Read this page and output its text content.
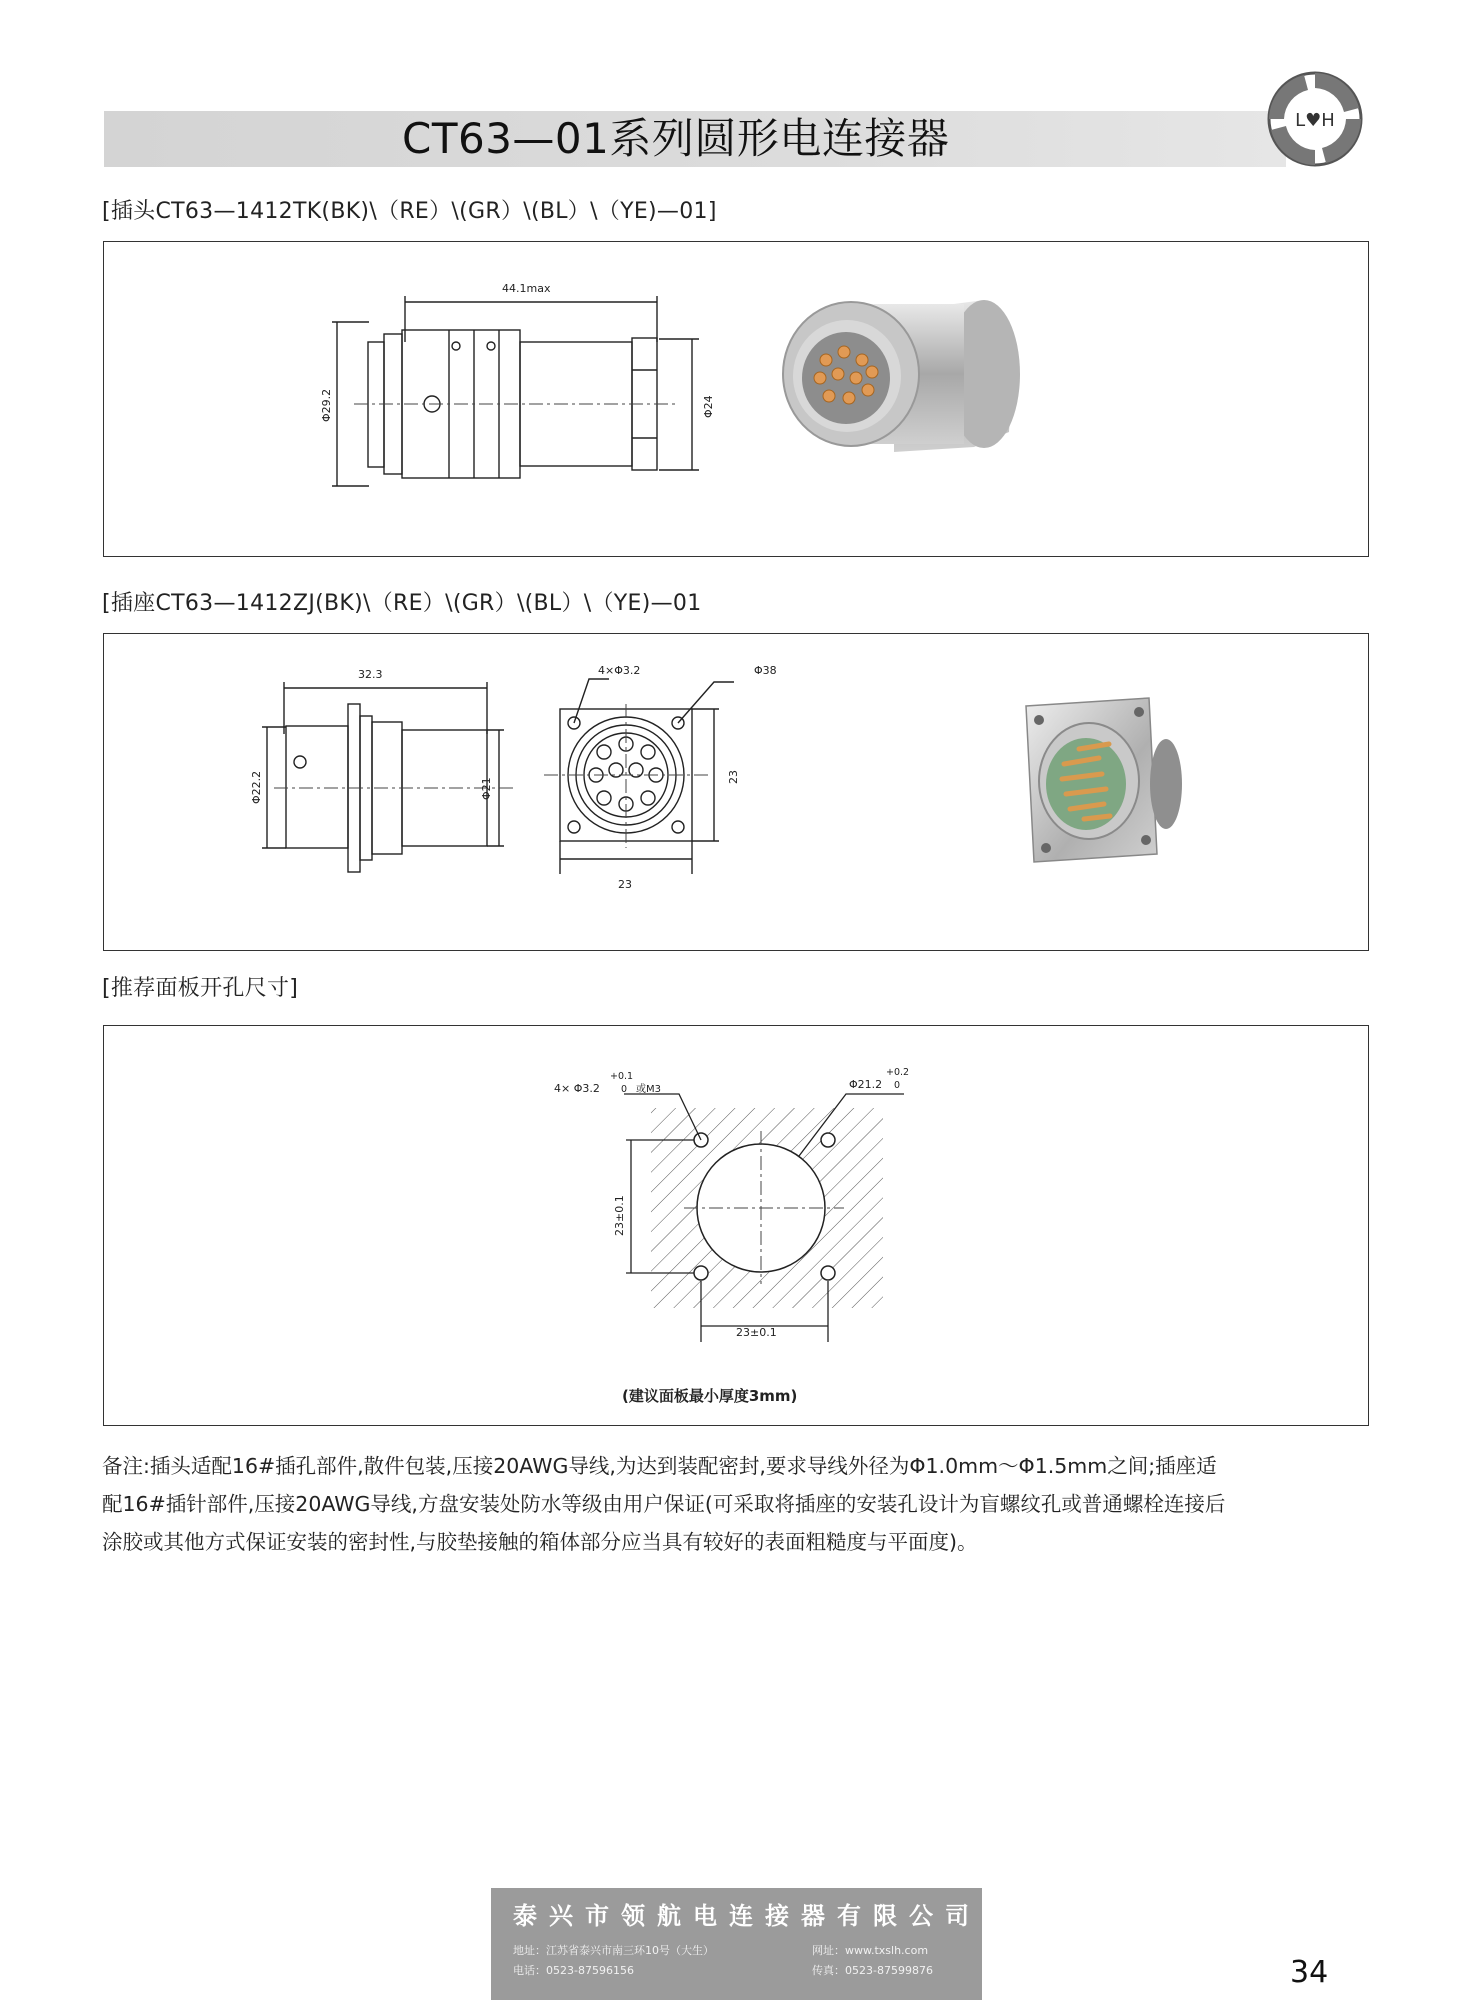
CT63—01系列圆形电连接器	L♥H
[插头CT63—1412TK(BK)\（RE）\(GR）\(BL）\（YE)—01]
44.1max
Φ29.2	Φ24
[插座CT63—1412ZJ(BK)\（RE）\(GR）\(BL）\（YE)—01
32.3
Φ22.2	Φ21
4×Φ3.2	Φ38
23
23
[推荐面板开孔尺寸]
4× Φ3.2
+0.1
0 或M3	Φ21.2
+0.2
0
23±0.1
23±0.1
(建议面板最小厚度3mm)
备注:插头适配16#插孔部件,散件包装,压接20AWG导线,为达到装配密封,要求导线外径为Φ1.0mm～Φ1.5mm之间;插座适
配16#插针部件,压接20AWG导线,方盘安装处防水等级由用户保证(可采取将插座的安装孔设计为盲螺纹孔或普通螺栓连接后
涂胶或其他方式保证安装的密封性,与胶垫接触的箱体部分应当具有较好的表面粗糙度与平面度)。
泰兴市领航电连接器有限公司
地址：江苏省泰兴市南三环10号（大生）	网址：www.txslh.com
电话：0523-87596156	传真：0523-87599876	34
